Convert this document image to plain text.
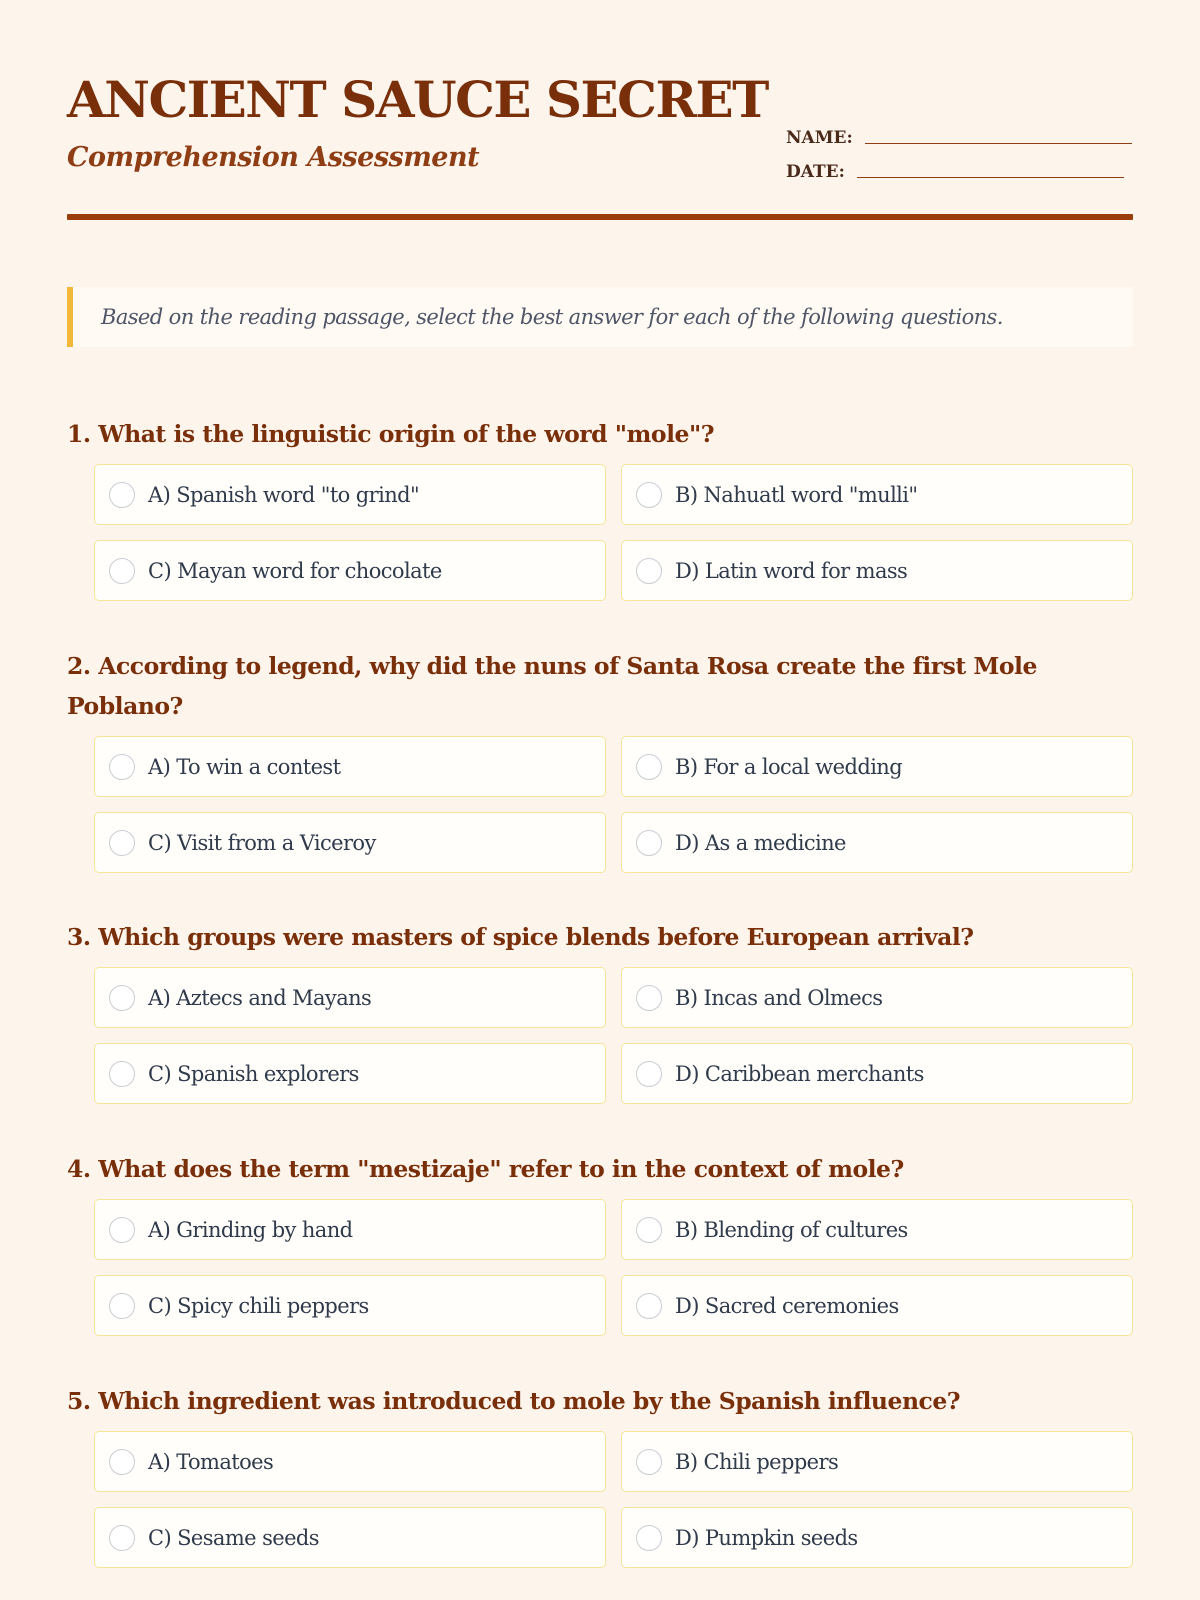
ANCIENT SAUCE SECRET
Comprehension Assessment
NAME:
DATE:
Based on the reading passage, select the best answer for each of the following questions.
1. What is the linguistic origin of the word "mole"?
A) Spanish word "to grind"	B) Nahuatl word "mulli"
C) Mayan word for chocolate	D) Latin word for mass
2. According to legend, why did the nuns of Santa Rosa create the first Mole Poblano?
A) To win a contest	B) For a local wedding
C) Visit from a Viceroy	D) As a medicine
3. Which groups were masters of spice blends before European arrival?
A) Aztecs and Mayans	B) Incas and Olmecs
C) Spanish explorers	D) Caribbean merchants
4. What does the term "mestizaje" refer to in the context of mole?
A) Grinding by hand	B) Blending of cultures
C) Spicy chili peppers	D) Sacred ceremonies
5. Which ingredient was introduced to mole by the Spanish influence?
A) Tomatoes	B) Chili peppers
C) Sesame seeds	D) Pumpkin seeds
